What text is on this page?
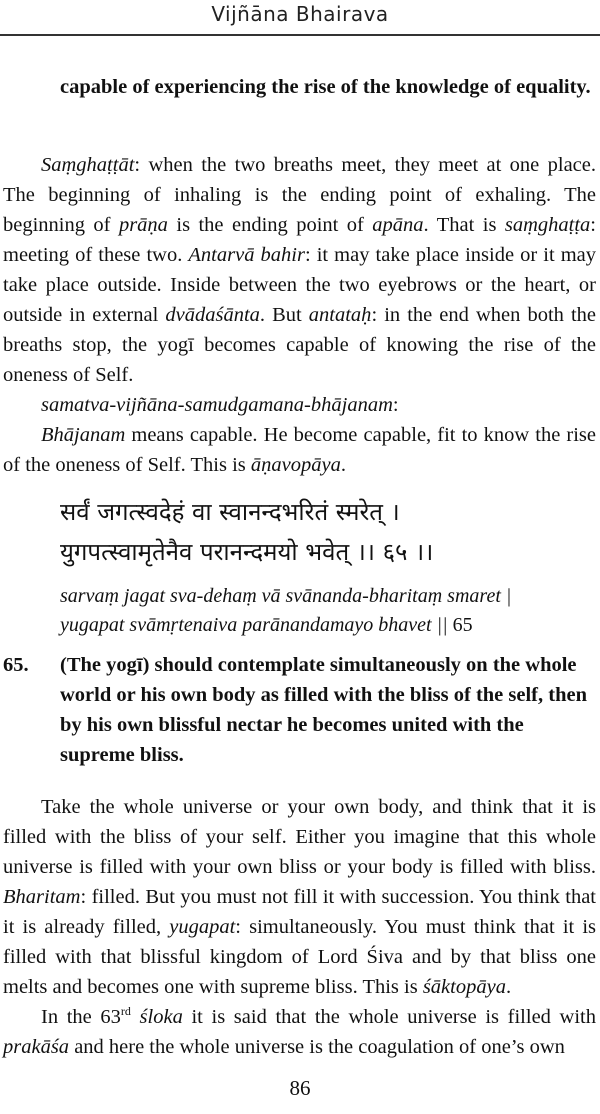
Vijñāna Bhairava
capable of experiencing the rise of the knowledge of equality.

Saṃghaṭṭāt: when the two breaths meet, they meet at one place. The beginning of inhaling is the ending point of exhaling. The beginning of prāṇa is the ending point of apāna. That is saṃghaṭṭa: meeting of these two. Antarvā bahir: it may take place inside or it may take place outside. Inside between the two eyebrows or the heart, or outside in external dvādaśānta. But antataḥ: in the end when both the breaths stop, the yogī becomes capable of knowing the rise of the oneness of Self.

samatva-vijñāna-samudgamana-bhājanam:

Bhājanam means capable. He become capable, fit to know the rise of the oneness of Self. This is āṇavopāya.

सर्वं जगत्स्वदेहं वा स्वानन्दभरितं स्मरेत् ।
युगपत्स्वामृतेनैव परानन्दमयो भवेत् ।। ६५ ।।
sarvaṃ jagat sva-dehaṃ vā svānanda-bharitaṃ smaret |
yugapat svāmṛtenaiva parānandamayo bhavet || 65
65. (The yogī) should contemplate simultaneously on the whole world or his own body as filled with the bliss of the self, then by his own blissful nectar he becomes united with the supreme bliss.

Take the whole universe or your own body, and think that it is filled with the bliss of your self. Either you imagine that this whole universe is filled with your own bliss or your body is filled with bliss. Bharitam: filled. But you must not fill it with succession. You think that it is already filled, yugapat: simultaneously. You must think that it is filled with that blissful kingdom of Lord Śiva and by that bliss one melts and becomes one with supreme bliss. This is śāktopāya.

In the 63rd śloka it is said that the whole universe is filled with prakāśa and here the whole universe is the coagulation of one’s own

86
